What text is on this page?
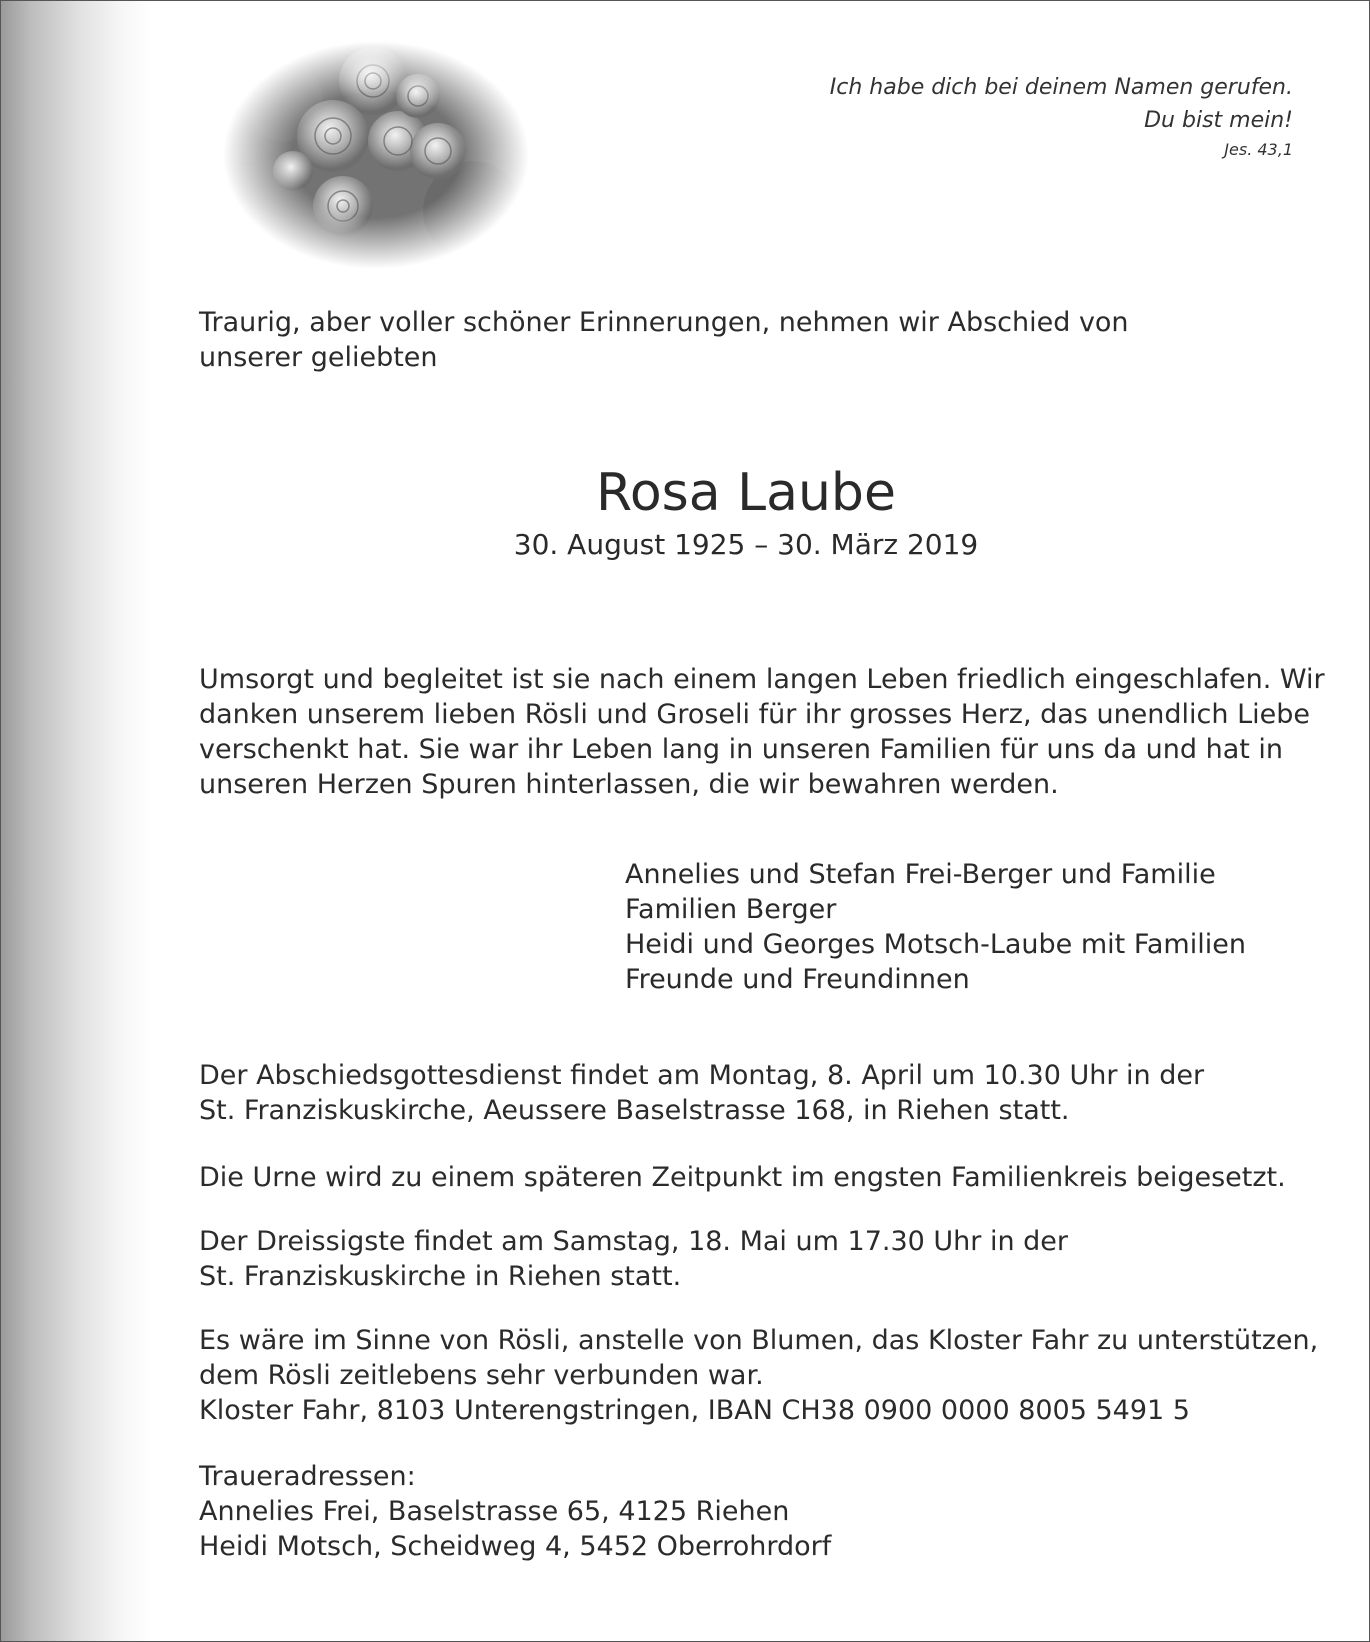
Ich habe dich bei deinem Namen gerufen.
Du bist mein!
Jes. 43,1
Traurig, aber voller schöner Erinnerungen, nehmen wir Abschied von unserer geliebten
Rosa Laube
30. August 1925 – 30. März 2019
Umsorgt und begleitet ist sie nach einem langen Leben friedlich eingeschlafen. Wir
danken unserem lieben Rösli und Groseli für ihr grosses Herz, das unendlich Liebe
verschenkt hat. Sie war ihr Leben lang in unseren Familien für uns da und hat in
unseren Herzen Spuren hinterlassen, die wir bewahren werden.
Annelies und Stefan Frei-Berger und Familie
Familien Berger
Heidi und Georges Motsch-Laube mit Familien
Freunde und Freundinnen
Der Abschiedsgottesdienst findet am Montag, 8. April um 10.30 Uhr in der
St. Franziskuskirche, Aeussere Baselstrasse 168, in Riehen statt.
Die Urne wird zu einem späteren Zeitpunkt im engsten Familienkreis beigesetzt.
Der Dreissigste findet am Samstag, 18. Mai um 17.30 Uhr in der
St. Franziskuskirche in Riehen statt.
Es wäre im Sinne von Rösli, anstelle von Blumen, das Kloster Fahr zu unterstützen,
dem Rösli zeitlebens sehr verbunden war.
Kloster Fahr, 8103 Unterengstringen, IBAN CH38 0900 0000 8005 5491 5
Traueradressen:
Annelies Frei, Baselstrasse 65, 4125 Riehen
Heidi Motsch, Scheidweg 4, 5452 Oberrohrdorf
